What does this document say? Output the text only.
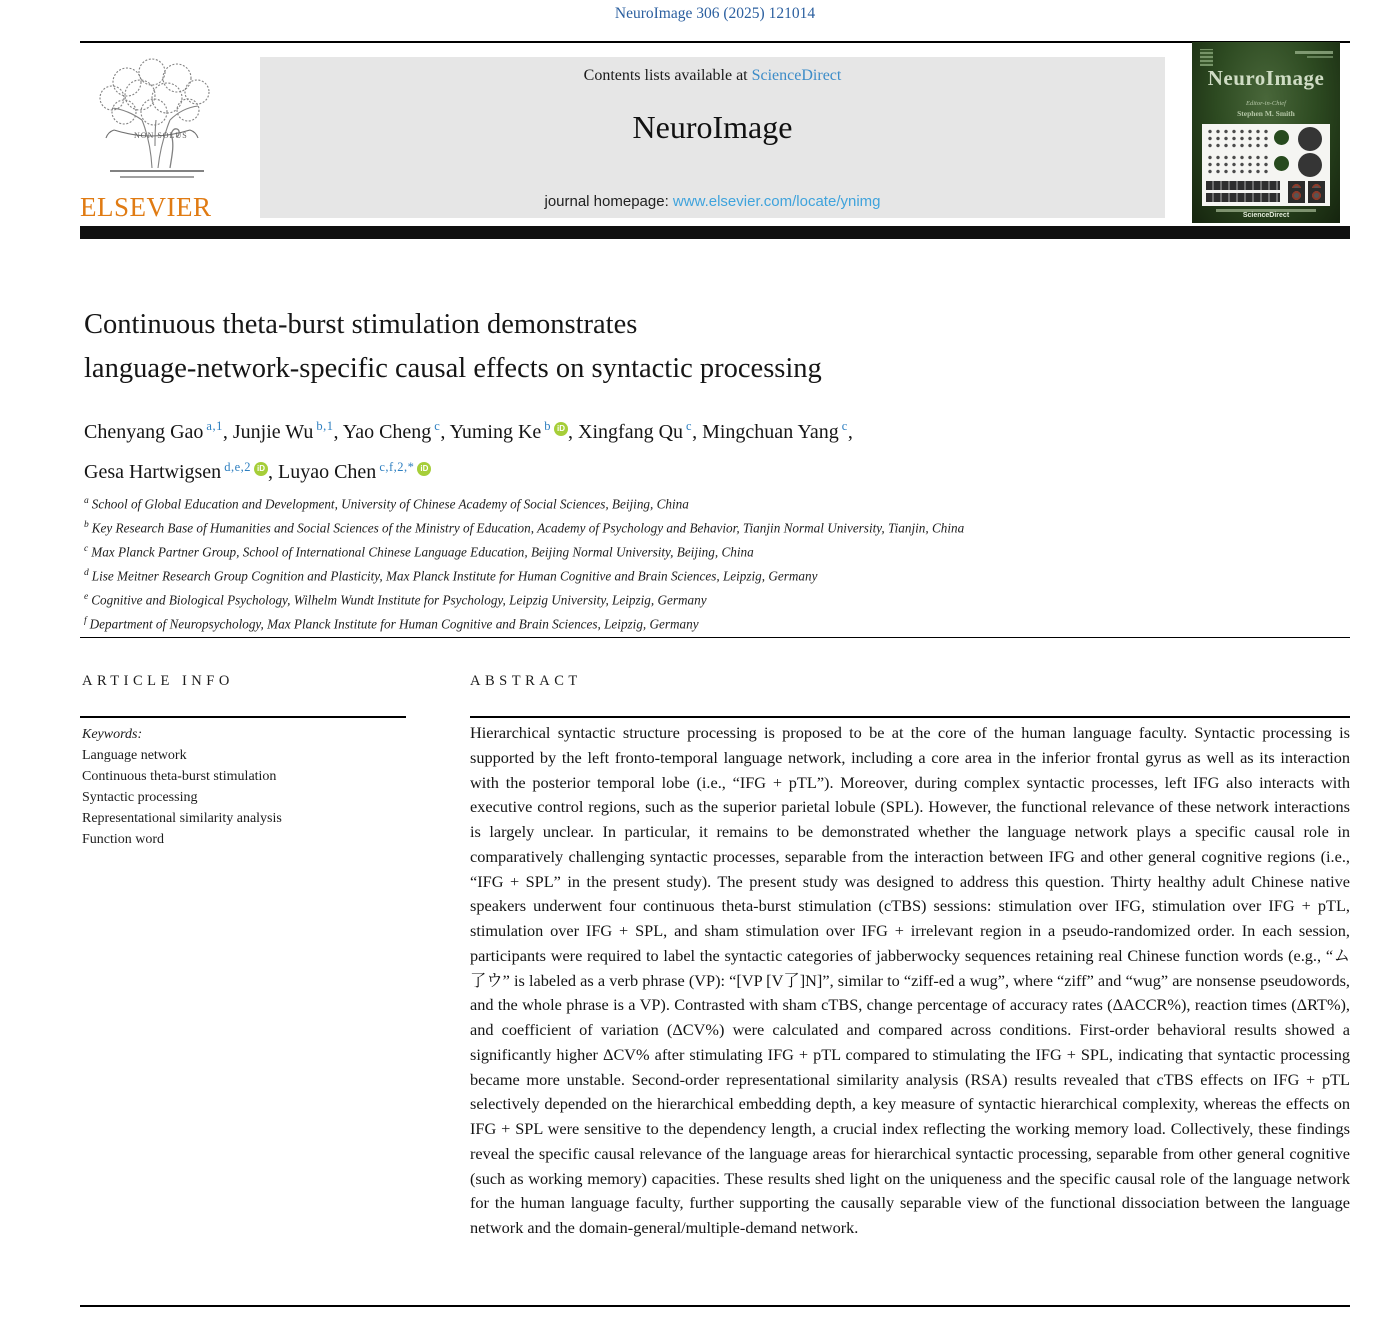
NeuroImage 306 (2025) 121014
NON SOLUS
ELSEVIER
Contents lists available at ScienceDirect
NeuroImage
journal homepage: www.elsevier.com/locate/ynimg
NeuroImage
Editor-in-Chief
Stephen M. Smith
ScienceDirect
Continuous theta-burst stimulation demonstrates
language-network-specific causal effects on syntactic processing
Chenyang Gao $^{a,1}$, Junjie Wu $^{b,1}$, Yao Cheng $^c$, Yuming Ke $^b$ iD , Xingfang Qu $^c$, Mingchuan Yang $^c$,
Gesa Hartwigsen $^{d,e,2}$ iD , Luyao Chen $^{c,f,2,*}$ iD
$^a$ School of Global Education and Development, University of Chinese Academy of Social Sciences, Beijing, China
$^b$ Key Research Base of Humanities and Social Sciences of the Ministry of Education, Academy of Psychology and Behavior, Tianjin Normal University, Tianjin, China
$^c$ Max Planck Partner Group, School of International Chinese Language Education, Beijing Normal University, Beijing, China
$^d$ Lise Meitner Research Group Cognition and Plasticity, Max Planck Institute for Human Cognitive and Brain Sciences, Leipzig, Germany
$^e$ Cognitive and Biological Psychology, Wilhelm Wundt Institute for Psychology, Leipzig University, Leipzig, Germany
$^f$ Department of Neuropsychology, Max Planck Institute for Human Cognitive and Brain Sciences, Leipzig, Germany
ARTICLE INFO	ABSTRACT
Keywords:
Language network
Continuous theta-burst stimulation
Syntactic processing
Representational similarity analysis
Function word
Hierarchical syntactic structure processing is proposed to be at the core of the human language faculty. Syntactic processing is supported by the left fronto-temporal language network, including a core area in the inferior frontal gyrus as well as its interaction with the posterior temporal lobe (i.e., “IFG + pTL”). Moreover, during complex syntactic processes, left IFG also interacts with executive control regions, such as the superior parietal lobule (SPL). However, the functional relevance of these network interactions is largely unclear. In particular, it remains to be demonstrated whether the language network plays a specific causal role in comparatively challenging syntactic processes, separable from the interaction between IFG and other general cognitive regions (i.e., “IFG + SPL” in the present study). The present study was designed to address this question. Thirty healthy adult Chinese native speakers underwent four continuous theta-burst stimulation (cTBS) sessions: stimulation over IFG, stimulation over IFG + pTL, stimulation over IFG + SPL, and sham stimulation over IFG + irrelevant region in a pseudo-randomized order. In each session, participants were required to label the syntactic categories of jabberwocky sequences retaining real Chinese function words (e.g., “ム了ウ” is labeled as a verb phrase (VP): “[VP [V了]N]”, similar to “ziff-ed a wug”, where “ziff” and “wug” are nonsense pseudowords, and the whole phrase is a VP). Contrasted with sham cTBS, change percentage of accuracy rates (ΔACCR%), reaction times (ΔRT%), and coefficient of variation (ΔCV%) were calculated and compared across conditions. First-order behavioral results showed a significantly higher ΔCV% after stimulating IFG + pTL compared to stimulating the IFG + SPL, indicating that syntactic processing became more unstable. Second-order representational similarity analysis (RSA) results revealed that cTBS effects on IFG + pTL selectively depended on the hierarchical embedding depth, a key measure of syntactic hierarchical complexity, whereas the effects on IFG + SPL were sensitive to the dependency length, a crucial index reflecting the working memory load. Collectively, these findings reveal the specific causal relevance of the language areas for hierarchical syntactic processing, separable from other general cognitive (such as working memory) capacities. These results shed light on the uniqueness and the specific causal role of the language network for the human language faculty, further supporting the causally separable view of the functional dissociation between the language network and the domain-general/multiple-demand network.
